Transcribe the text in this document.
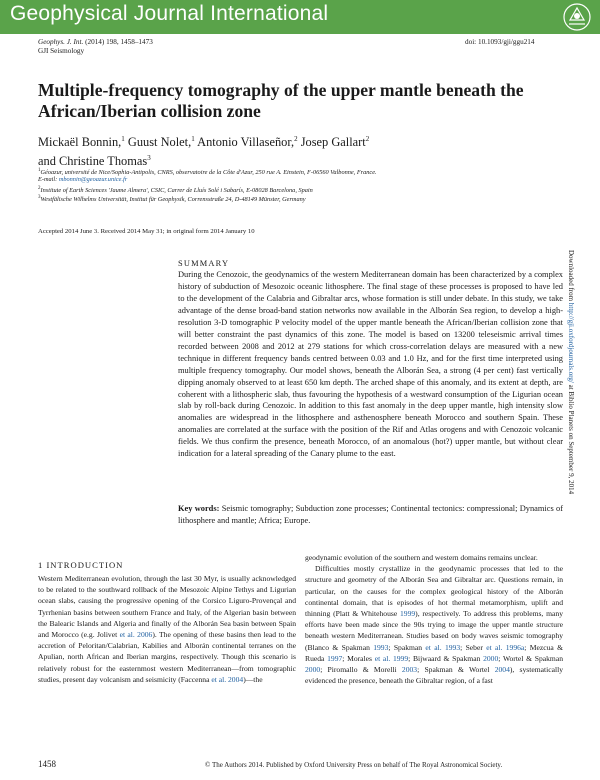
Geophysical Journal International
Geophys. J. Int. (2014) 198, 1458–1473	doi: 10.1093/gji/ggu214
GJI Seismology
Multiple-frequency tomography of the upper mantle beneath the African/Iberian collision zone
Mickaël Bonnin,$^1$ Guust Nolet,$^1$ Antonio Villaseñor,$^2$ Josep Gallart$^2$
and Christine Thomas$^3$
$^1$Géoazur, université de Nice/Sophia-Antipolis, CNRS, observatoire de la Côte d'Azur, 250 rue A. Einstein, F-06560 Valbonne, France.
E-mail: mbonnin@geoazur.unice.fr
$^2$Institute of Earth Sciences 'Jaume Almera', CSIC, Carrer de Lluís Solé i Sabarís, E-08028 Barcelona, Spain
$^3$Westfälische Wilhelms Universität, Institut für Geophysik, Corrensstraße 24, D-48149 Münster, Germany
Accepted 2014 June 3. Received 2014 May 31; in original form 2014 January 10
Downloaded from http://gji.oxfordjournals.org/ at Biblio Planets on September 9, 2014
SUMMARY

During the Cenozoic, the geodynamics of the western Mediterranean domain has been characterized by a complex history of subduction of Mesozoic oceanic lithosphere. The final stage of these processes is proposed to have led to the development of the Calabria and Gibraltar arcs, whose formation is still under debate. In this study, we take advantage of the dense broad-band station networks now available in the Alborán Sea region, to develop a high-resolution 3-D tomographic P velocity model of the upper mantle beneath the African/Iberian collision zone that will better constraint the past dynamics of this zone. The model is based on 13200 teleseismic arrival times recorded between 2008 and 2012 at 279 stations for which cross-correlation delays are measured with a new technique in different frequency bands centred between 0.03 and 1.0 Hz, and for the first time interpreted using multiple frequency tomography. Our model shows, beneath the Alborán Sea, a strong (4 per cent) fast vertically dipping anomaly observed to at least 650 km depth. The arched shape of this anomaly, and its extent at depth, are coherent with a lithospheric slab, thus favouring the hypothesis of a westward consumption of the Ligurian ocean slab by roll-back during Cenozoic. In addition to this fast anomaly in the deep upper mantle, high intensity slow anomalies are widespread in the lithosphere and asthenosphere beneath Morocco and southern Spain. These anomalies are correlated at the surface with the position of the Rif and Atlas orogens and with Cenozoic volcanic fields. We thus confirm the presence, beneath Morocco, of an anomalous (hot?) upper mantle, but without clear indication for a lateral spreading of the Canary plume to the east.

Key words: Seismic tomography; Subduction zone processes; Continental tectonics: compressional; Dynamics of lithosphere and mantle; Africa; Europe.

1 INTRODUCTION

Western Mediterranean evolution, through the last 30 Myr, is usually acknowledged to be related to the southward rollback of the Mesozoic Alpine Tethys and Ligurian ocean slabs, causing the progressive opening of the Corsico Liguro-Provençal and Tyrrhenian basins between southern France and Italy, of the Algerian basin between the Balearic Islands and Algeria and finally of the Alborán Sea basin between Spain and Morocco (e.g. Jolivet et al. 2006). The opening of these basins then lead to the accretion of Peloritan/Calabrian, Kabilies and Alborán continental terranes on the Apulian, north African and Iberian margins, respectively. Though this scenario is relatively robust for the easternmost western Mediterranean—from tomographic studies, present day volcanism and seismicity (Faccenna et al. 2004)—the

geodynamic evolution of the southern and western domains remains unclear.

Difficulties mostly crystallize in the geodynamic processes that led to the structure and geometry of the Alborán Sea and Gibraltar arc. Questions remain, in particular, on the causes for the complex geological history of the Alborán continental domain, that is episodes of hot thermal metamorphism, uplift and thinning (Platt & Whitehouse 1999), respectively. To address this problems, many efforts have been made since the 90s trying to image the upper mantle structure beneath western Mediterranean. Studies based on body waves seismic tomography (Blanco & Spakman 1993; Spakman et al. 1993; Seber et al. 1996a; Mezcua & Rueda 1997; Morales et al. 1999; Bijwaard & Spakman 2000; Wortel & Spakman 2000; Piromallo & Morelli 2003; Spakman & Wortel 2004), systematically evidenced the presence, beneath the Gibraltar region, of a fast

1458	© The Authors 2014. Published by Oxford University Press on behalf of The Royal Astronomical Society.
